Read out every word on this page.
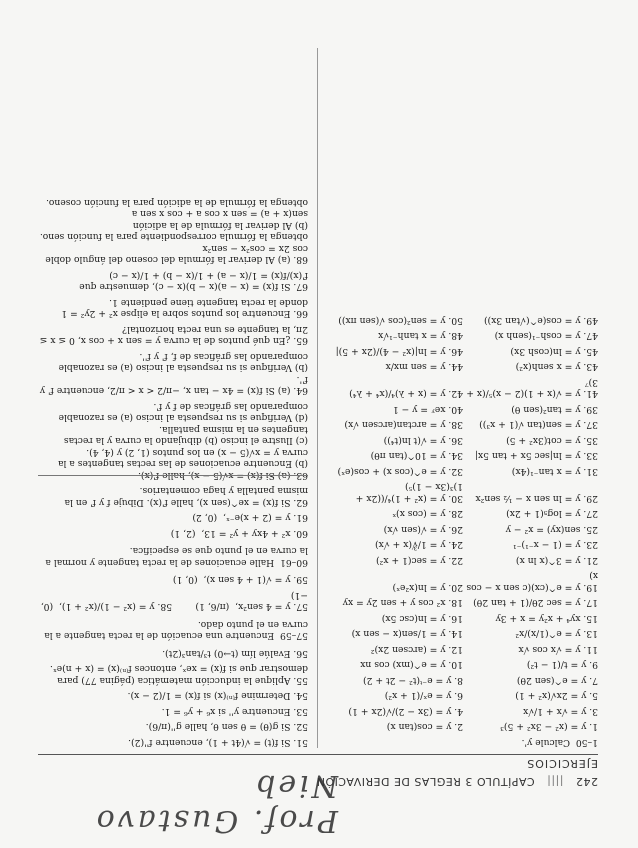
Prof. Gustavo Nieb	242 |||| CAPÍTULO 3 REGLAS DE DERIVACIÓN
EJERCICIOS
1–50  Calcule y'.
1. y = (x² − 3x² + 5)³
2. y = cos(tan x)
3. y = √x + 1/√x
4. y = (3x − 2)/√(2x + 1)
5. y = 2x√(x² + 1)
6. y = eˣ/(1 + x²)
7. y = e^(sen 2θ)
8. y = e⁻ᵗ(t² − 2t + 2)
9. y = t/(1 − t²)
10. y = e^(mx) cos nx
11. y = √x cos √x
12. y = (arcsen 2x)²
13. y = e^(1/x)/x²
14. y = 1/sen(x − sen x)
15. xy⁴ + x²y = x + 3y
16. y = ln(csc 5x)
17. y = sec 2θ/(1 + tan 2θ)
18. x² cos y + sen 2y = xy
19. y = e^(cx)(c sen x − cos x)
20. y = ln(x²eˣ)
21. y = 3^(x ln x)
22. y = sec(1 + x²)
23. y = (1 − x⁻¹)⁻¹
24. y = 1/∛(x + √x)
25. sen(xy) = x² − y
26. y = √(sen √x)
27. y = log₅(1 + 2x)
28. y = (cos x)ˣ
29. y = ln sen x − ½ sen²x
30. y = (x² + 1)⁴/((2x + 1)³(3x − 1)⁵)
31. y = x tan⁻¹(4x)
32. y = e^(cos x) + cos(eˣ)
33. y = ln|sec 5x + tan 5x|
34. y = 10^(tan πθ)
35. y = cot(3x² + 5)
36. y = √(t ln(t⁴))
37. y = sen(tan √(1 + x³))
38. y = arctan(arcsen √x)
39. y = tan²(sen θ)
40. xeʸ = y − 1
41. y = √(x + 1)(2 − x)⁵/(x + 3)⁷
42. y = (x + λ)⁴/(x⁴ + λ⁴)
43. y = x senh(x²)
44. y = sen mx/x
45. y = ln(cosh 3x)
46. y = ln|(x² − 4)/(2x + 5)|
47. y = cosh⁻¹(senh x)
48. y = x tanh⁻¹√x
49. y = cos(e^(√tan 3x))
50. y = sen²(cos √(sen πx))
51. Si f(t) = √(4t + 1), encuentre f''(2).
52. Si g(θ) = θ sen θ, halle g''(π/6).
53. Encuentre y'' si x⁶ + y⁶ = 1.
54. Determine f⁽ⁿ⁾(x) si f(x) = 1/(2 − x).
55. Aplique la inducción matemática (página 77) para demostrar que si f(x) = xeˣ, entonces f⁽ⁿ⁾(x) = (x + n)eˣ.
56. Evalúe lím (t→0) t³/tan³(2t).
57–59  Encuentre una ecuación de la recta tangente a la curva en el punto dado.
57. y = 4 sen²x,  (π/6, 1)        58. y = (x² − 1)/(x² + 1),  (0, −1)
59. y = √(1 + 4 sen x),  (0, 1)
60–61  Halle ecuaciones de la recta tangente y normal a la curva en el punto que se especifica.
60. x² + 4xy + y² = 13,  (2, 1)
61. y = (2 + x)e⁻ˣ,  (0, 2)
62. Si f(x) = xe^(sen x), halle f'(x). Dibuje f y f' en la misma pantalla y haga comentarios.

(b) Encuentre ecuaciones de las rectas tangentes a la curva y = x√(5 − x) en los puntos (1, 2) y (4, 4).
(c) Ilustre el inciso (b) dibujando la curva y la rectas tangentes en la misma pantalla.
(d) Verifique si su respuesta al inciso (a) es razonable comparando las gráficas de f y f'.
64. (a) Si f(x) = 4x − tan x, −π/2 < x < π/2, encuentre f' y f''.
(b) Verifique si su respuesta al inciso (a) es razonable comparando las gráficas de f, f' y f''.
65. ¿En qué puntos de la curva y = sen x + cos x, 0 ≤ x ≤ 2π, la tangente es una recta horizontal?
66. Encuentre los puntos sobre la elipse x² + 2y² = 1 donde la recta tangente tiene pendiente 1.
67. Si f(x) = (x − a)(x − b)(x − c), demuestre que
f'(x)/f(x) = 1/(x − a) + 1/(x − b) + 1/(x − c)
68. (a) Al derivar la fórmula del coseno del ángulo doble
cos 2x = cos²x − sen²x
obtenga la fórmula correspondiente para la función seno.
(b) Al derivar la fórmula de la adición
sen(x + a) = sen x cos a + cos x sen a
obtenga la fórmula de la adición para la función coseno.
